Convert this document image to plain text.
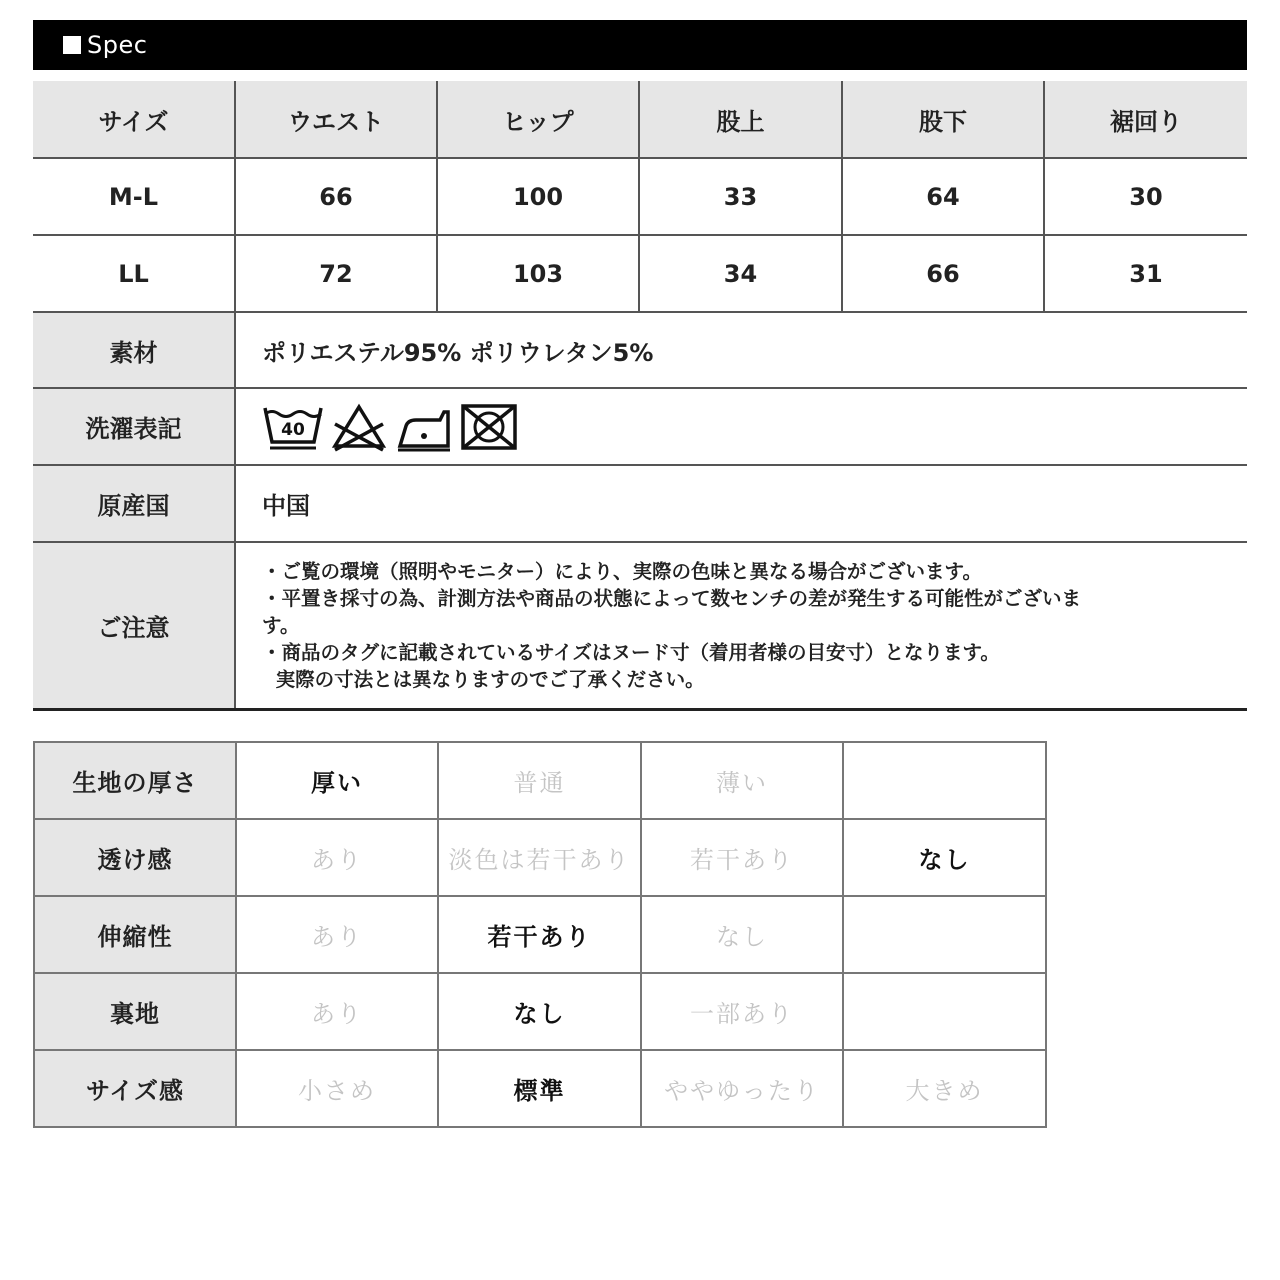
Spec
サイズ	ウエスト	ヒップ	股上	股下	裾回り
M-L	66	100	33	64	30
LL	72	103	34	66	31
素材	ポリエステル95% ポリウレタン5%				
洗濯表記	40				

原産国	中国				
ご注意	・ご覧の環境（照明やモニター）により、実際の色味と異なる場合がございます。
・平置き採寸の為、計測方法や商品の状態によって数センチの差が発生する可能性がございま
す。
・商品のタグに記載されているサイズはヌード寸（着用者様の目安寸）となります。
実際の寸法とは異なりますのでご了承ください。				
生地の厚さ	厚い	普通	薄い	
透け感	あり	淡色は若干あり	若干あり	なし
伸縮性	あり	若干あり	なし	
裏地	あり	なし	一部あり	
サイズ感	小さめ	標準	ややゆったり	大きめ
